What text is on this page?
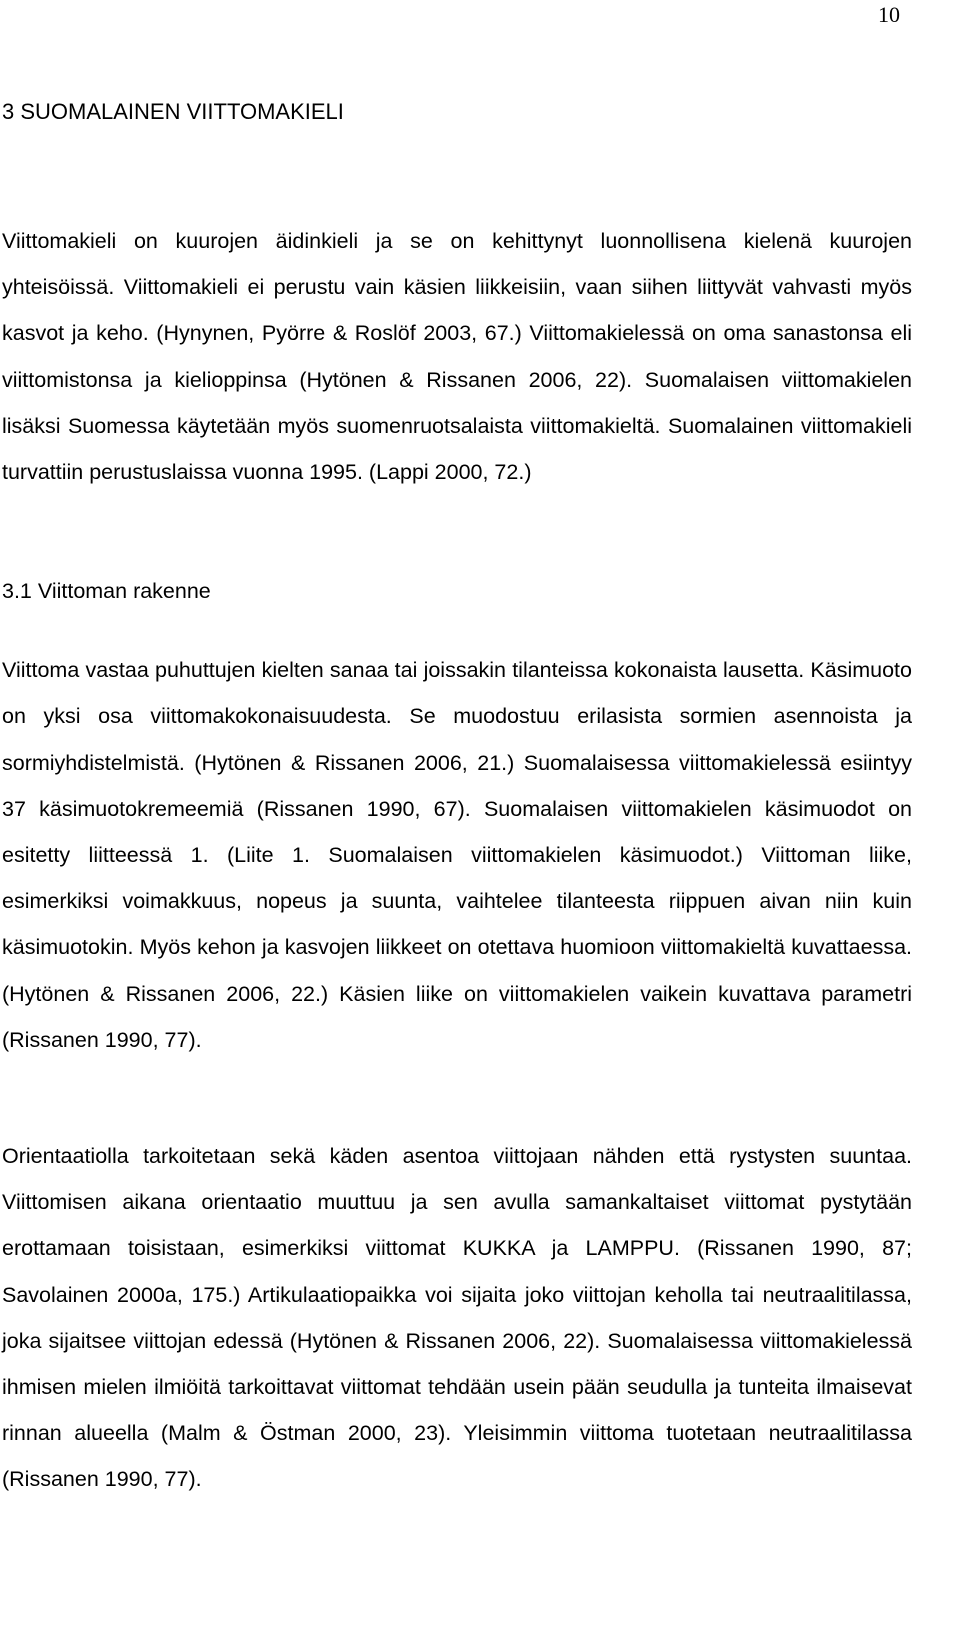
10
3 SUOMALAINEN VIITTOMAKIELI

Viittomakieli on kuurojen äidinkieli ja se on kehittynyt luonnollisena kielenä kuurojen yhteisöissä. Viittomakieli ei perustu vain käsien liikkeisiin, vaan siihen liittyvät vahvasti myös kasvot ja keho. (Hynynen, Pyörre & Roslöf 2003, 67.) Viittomakielessä on oma sanastonsa eli viittomistonsa ja kielioppinsa (Hytönen & Rissanen 2006, 22). Suomalaisen viittomakielen lisäksi Suomessa käytetään myös suomenruotsalaista viittomakieltä. Suomalainen viittomakieli turvattiin perustuslaissa vuonna 1995. (Lappi 2000, 72.)

3.1 Viittoman rakenne

Viittoma vastaa puhuttujen kielten sanaa tai joissakin tilanteissa kokonaista lausetta. Käsimuoto on yksi osa viittomakokonaisuudesta. Se muodostuu erilasista sormien asennoista ja sormiyhdistelmistä. (Hytönen & Rissanen 2006, 21.) Suomalaisessa viittomakielessä esiintyy 37 käsimuotokremeemiä (Rissanen 1990, 67). Suomalaisen viittomakielen käsimuodot on esitetty liitteessä 1. (Liite 1. Suomalaisen viittomakielen käsimuodot.) Viittoman liike, esimerkiksi voimakkuus, nopeus ja suunta, vaihtelee tilanteesta riippuen aivan niin kuin käsimuotokin. Myös kehon ja kasvojen liikkeet on otettava huomioon viittomakieltä kuvattaessa. (Hytönen & Rissanen 2006, 22.) Käsien liike on viittomakielen vaikein kuvattava parametri (Rissanen 1990, 77).

Orientaatiolla tarkoitetaan sekä käden asentoa viittojaan nähden että rystysten suuntaa. Viittomisen aikana orientaatio muuttuu ja sen avulla samankaltaiset viittomat pystytään erottamaan toisistaan, esimerkiksi viittomat KUKKA ja LAMPPU. (Rissanen 1990, 87; Savolainen 2000a, 175.) Artikulaatiopaikka voi sijaita joko viittojan keholla tai neutraalitilassa, joka sijaitsee viittojan edessä (Hytönen & Rissanen 2006, 22). Suomalaisessa viittomakielessä ihmisen mielen ilmiöitä tarkoittavat viittomat tehdään usein pään seudulla ja tunteita ilmaisevat rinnan alueella (Malm & Östman 2000, 23). Yleisimmin viittoma tuotetaan neutraalitilassa (Rissanen 1990, 77).
